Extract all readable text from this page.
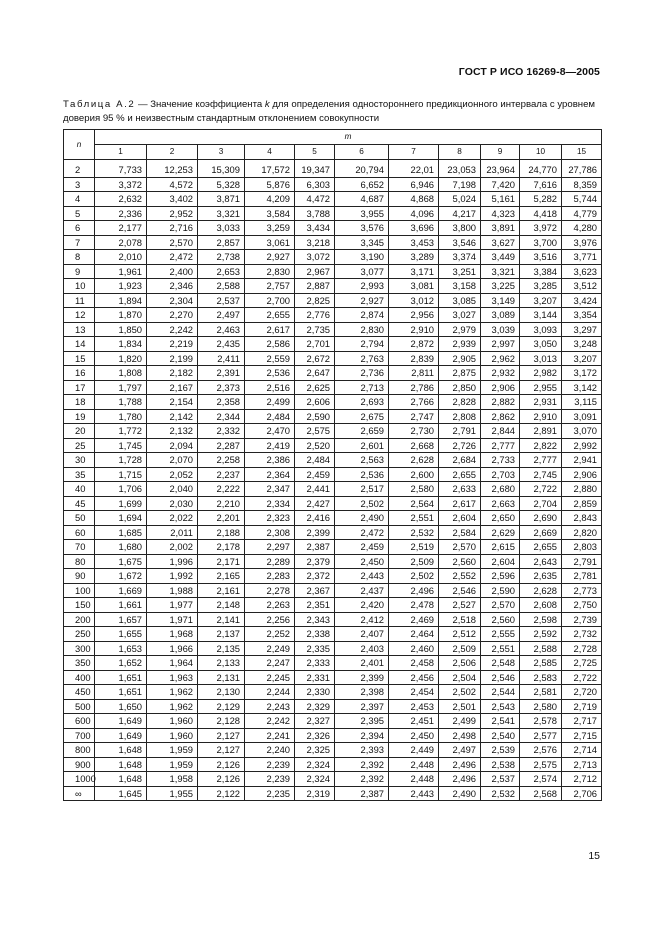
ГОСТ Р ИСО 16269-8—2005
Таблица А.2 — Значение коэффициента k для определения одностороннего предикционного интервала с уровнем доверия 95 % и неизвестным стандартным отклонением совокупности
n	m										
	1	2	3	4	5	6	7	8	9	10	15
2	7,733	12,253	15,309	17,572	19,347	20,794	22,01	23,053	23,964	24,770	27,786
3	3,372	4,572	5,328	5,876	6,303	6,652	6,946	7,198	7,420	7,616	8,359
4	2,632	3,402	3,871	4,209	4,472	4,687	4,868	5,024	5,161	5,282	5,744
5	2,336	2,952	3,321	3,584	3,788	3,955	4,096	4,217	4,323	4,418	4,779
6	2,177	2,716	3,033	3,259	3,434	3,576	3,696	3,800	3,891	3,972	4,280
7	2,078	2,570	2,857	3,061	3,218	3,345	3,453	3,546	3,627	3,700	3,976
8	2,010	2,472	2,738	2,927	3,072	3,190	3,289	3,374	3,449	3,516	3,771
9	1,961	2,400	2,653	2,830	2,967	3,077	3,171	3,251	3,321	3,384	3,623
10	1,923	2,346	2,588	2,757	2,887	2,993	3,081	3,158	3,225	3,285	3,512
11	1,894	2,304	2,537	2,700	2,825	2,927	3,012	3,085	3,149	3,207	3,424
12	1,870	2,270	2,497	2,655	2,776	2,874	2,956	3,027	3,089	3,144	3,354
13	1,850	2,242	2,463	2,617	2,735	2,830	2,910	2,979	3,039	3,093	3,297
14	1,834	2,219	2,435	2,586	2,701	2,794	2,872	2,939	2,997	3,050	3,248
15	1,820	2,199	2,411	2,559	2,672	2,763	2,839	2,905	2,962	3,013	3,207
16	1,808	2,182	2,391	2,536	2,647	2,736	2,811	2,875	2,932	2,982	3,172
17	1,797	2,167	2,373	2,516	2,625	2,713	2,786	2,850	2,906	2,955	3,142
18	1,788	2,154	2,358	2,499	2,606	2,693	2,766	2,828	2,882	2,931	3,115
19	1,780	2,142	2,344	2,484	2,590	2,675	2,747	2,808	2,862	2,910	3,091
20	1,772	2,132	2,332	2,470	2,575	2,659	2,730	2,791	2,844	2,891	3,070
25	1,745	2,094	2,287	2,419	2,520	2,601	2,668	2,726	2,777	2,822	2,992
30	1,728	2,070	2,258	2,386	2,484	2,563	2,628	2,684	2,733	2,777	2,941
35	1,715	2,052	2,237	2,364	2,459	2,536	2,600	2,655	2,703	2,745	2,906
40	1,706	2,040	2,222	2,347	2,441	2,517	2,580	2,633	2,680	2,722	2,880
45	1,699	2,030	2,210	2,334	2,427	2,502	2,564	2,617	2,663	2,704	2,859
50	1,694	2,022	2,201	2,323	2,416	2,490	2,551	2,604	2,650	2,690	2,843
60	1,685	2,011	2,188	2,308	2,399	2,472	2,532	2,584	2,629	2,669	2,820
70	1,680	2,002	2,178	2,297	2,387	2,459	2,519	2,570	2,615	2,655	2,803
80	1,675	1,996	2,171	2,289	2,379	2,450	2,509	2,560	2,604	2,643	2,791
90	1,672	1,992	2,165	2,283	2,372	2,443	2,502	2,552	2,596	2,635	2,781
100	1,669	1,988	2,161	2,278	2,367	2,437	2,496	2,546	2,590	2,628	2,773
150	1,661	1,977	2,148	2,263	2,351	2,420	2,478	2,527	2,570	2,608	2,750
200	1,657	1,971	2,141	2,256	2,343	2,412	2,469	2,518	2,560	2,598	2,739
250	1,655	1,968	2,137	2,252	2,338	2,407	2,464	2,512	2,555	2,592	2,732
300	1,653	1,966	2,135	2,249	2,335	2,403	2,460	2,509	2,551	2,588	2,728
350	1,652	1,964	2,133	2,247	2,333	2,401	2,458	2,506	2,548	2,585	2,725
400	1,651	1,963	2,131	2,245	2,331	2,399	2,456	2,504	2,546	2,583	2,722
450	1,651	1,962	2,130	2,244	2,330	2,398	2,454	2,502	2,544	2,581	2,720
500	1,650	1,962	2,129	2,243	2,329	2,397	2,453	2,501	2,543	2,580	2,719
600	1,649	1,960	2,128	2,242	2,327	2,395	2,451	2,499	2,541	2,578	2,717
700	1,649	1,960	2,127	2,241	2,326	2,394	2,450	2,498	2,540	2,577	2,715
800	1,648	1,959	2,127	2,240	2,325	2,393	2,449	2,497	2,539	2,576	2,714
900	1,648	1,959	2,126	2,239	2,324	2,392	2,448	2,496	2,538	2,575	2,713
1000	1,648	1,958	2,126	2,239	2,324	2,392	2,448	2,496	2,537	2,574	2,712
∞	1,645	1,955	2,122	2,235	2,319	2,387	2,443	2,490	2,532	2,568	2,706
15
